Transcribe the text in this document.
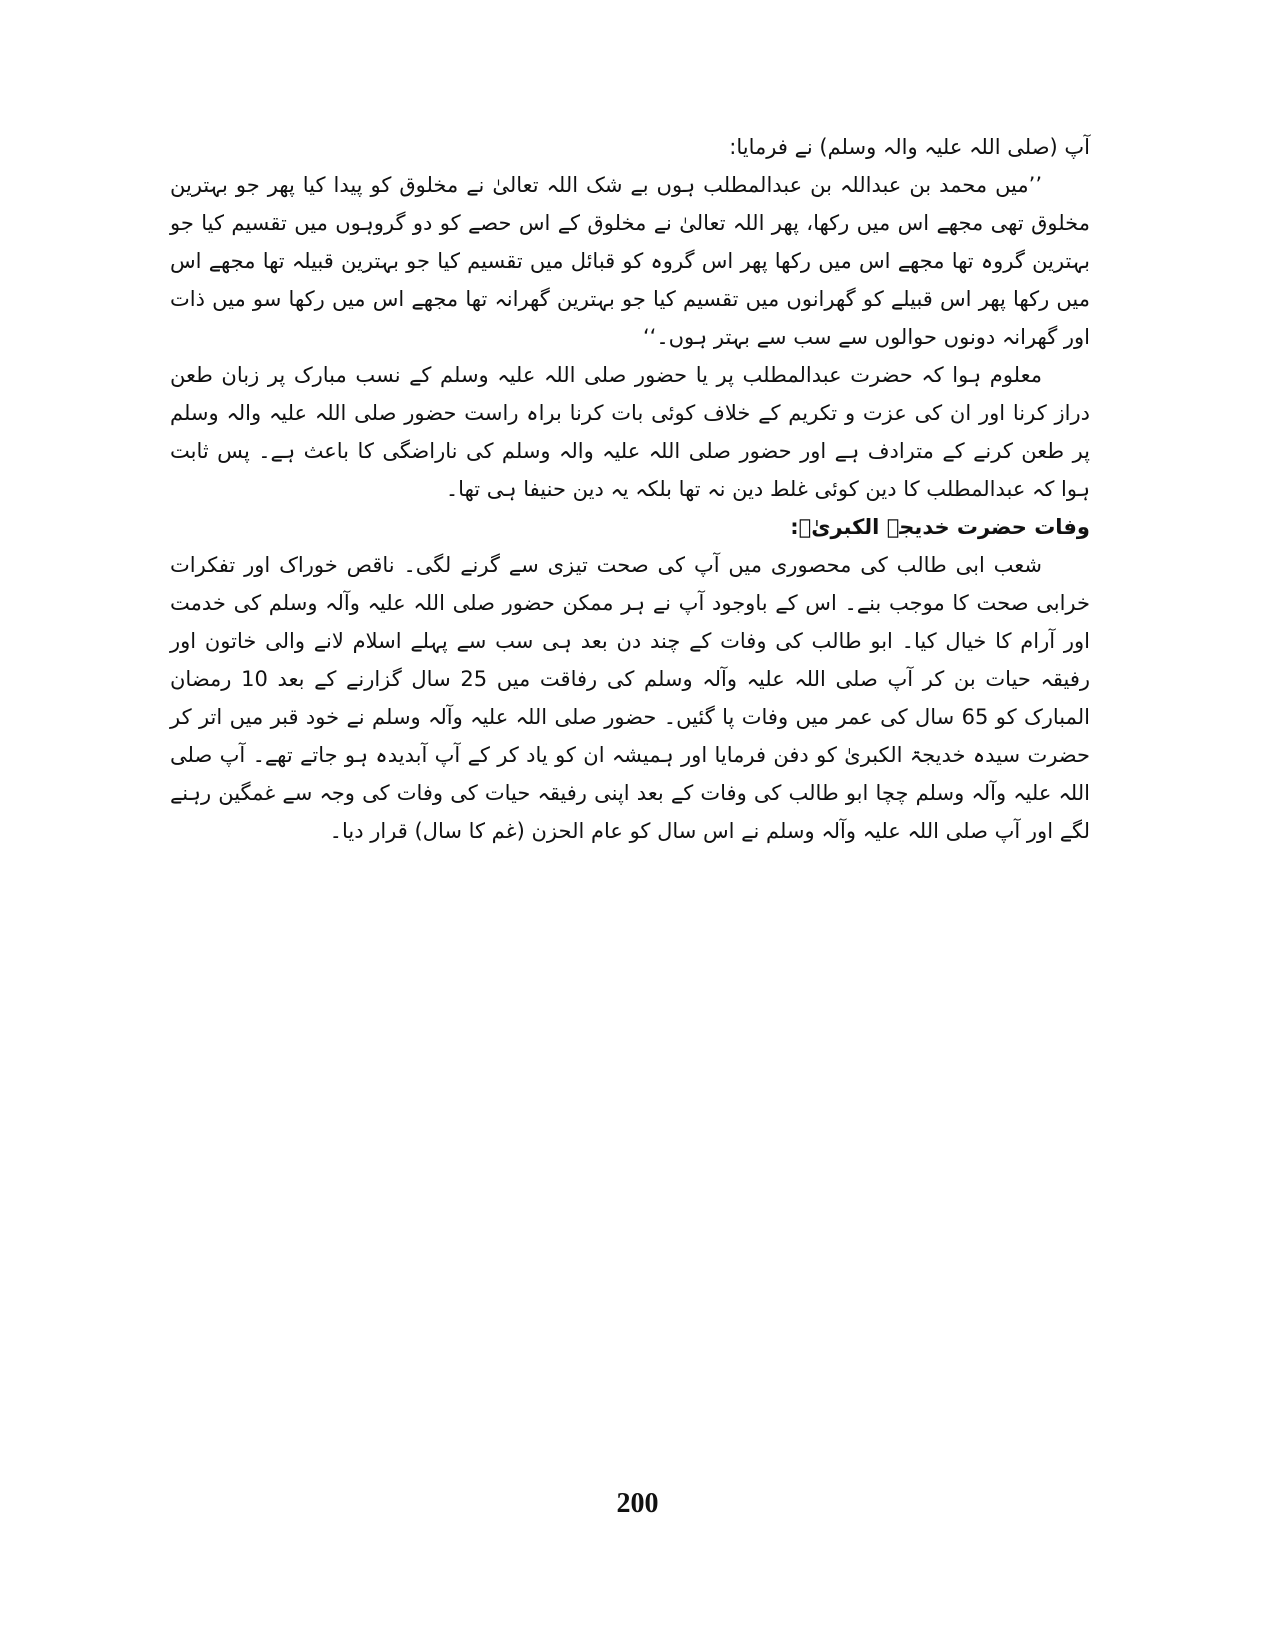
آپ (صلی اللہ علیہ والہ وسلم) نے فرمایا:

’’میں محمد بن عبداللہ بن عبدالمطلب ہوں بے شک اللہ تعالیٰ نے مخلوق کو پیدا کیا پھر جو بہترین مخلوق تھی مجھے اس میں رکھا، پھر اللہ تعالیٰ نے مخلوق کے اس حصے کو دو گروہوں میں تقسیم کیا جو بہترین گروہ تھا مجھے اس میں رکھا پھر اس گروہ کو قبائل میں تقسیم کیا جو بہترین قبیلہ تھا مجھے اس میں رکھا پھر اس قبیلے کو گھرانوں میں تقسیم کیا جو بہترین گھرانہ تھا مجھے اس میں رکھا سو میں ذات اور گھرانہ دونوں حوالوں سے سب سے بہتر ہوں۔‘‘

معلوم ہوا کہ حضرت عبدالمطلب پر یا حضور صلی اللہ علیہ وسلم کے نسب مبارک پر زبان طعن دراز کرنا اور ان کی عزت و تکریم کے خلاف کوئی بات کرنا براہ راست حضور صلی اللہ علیہ والہ وسلم پر طعن کرنے کے مترادف ہے اور حضور صلی اللہ علیہ والہ وسلم کی ناراضگی کا باعث ہے۔ پس ثابت ہوا کہ عبدالمطلب کا دین کوئی غلط دین نہ تھا بلکہ یہ دین حنیفا ہی تھا۔

وفات حضرت خدیجۃ الکبریٰؓ:

شعب ابی طالب کی محصوری میں آپ کی صحت تیزی سے گرنے لگی۔ ناقص خوراک اور تفکرات خرابی صحت کا موجب بنے۔ اس کے باوجود آپ نے ہر ممکن حضور صلی اللہ علیہ وآلہ وسلم کی خدمت اور آرام کا خیال کیا۔ ابو طالب کی وفات کے چند دن بعد ہی سب سے پہلے اسلام لانے والی خاتون اور رفیقہ حیات بن کر آپ صلی اللہ علیہ وآلہ وسلم کی رفاقت میں 25 سال گزارنے کے بعد 10 رمضان المبارک کو 65 سال کی عمر میں وفات پا گئیں۔ حضور صلی اللہ علیہ وآلہ وسلم نے خود قبر میں اتر کر حضرت سیدہ خدیجۃ الکبریٰ کو دفن فرمایا اور ہمیشہ ان کو یاد کر کے آپ آبدیدہ ہو جاتے تھے۔ آپ صلی اللہ علیہ وآلہ وسلم چچا ابو طالب کی وفات کے بعد اپنی رفیقہ حیات کی وفات کی وجہ سے غمگین رہنے لگے اور آپ صلی اللہ علیہ وآلہ وسلم نے اس سال کو عام الحزن (غم کا سال) قرار دیا۔

200
